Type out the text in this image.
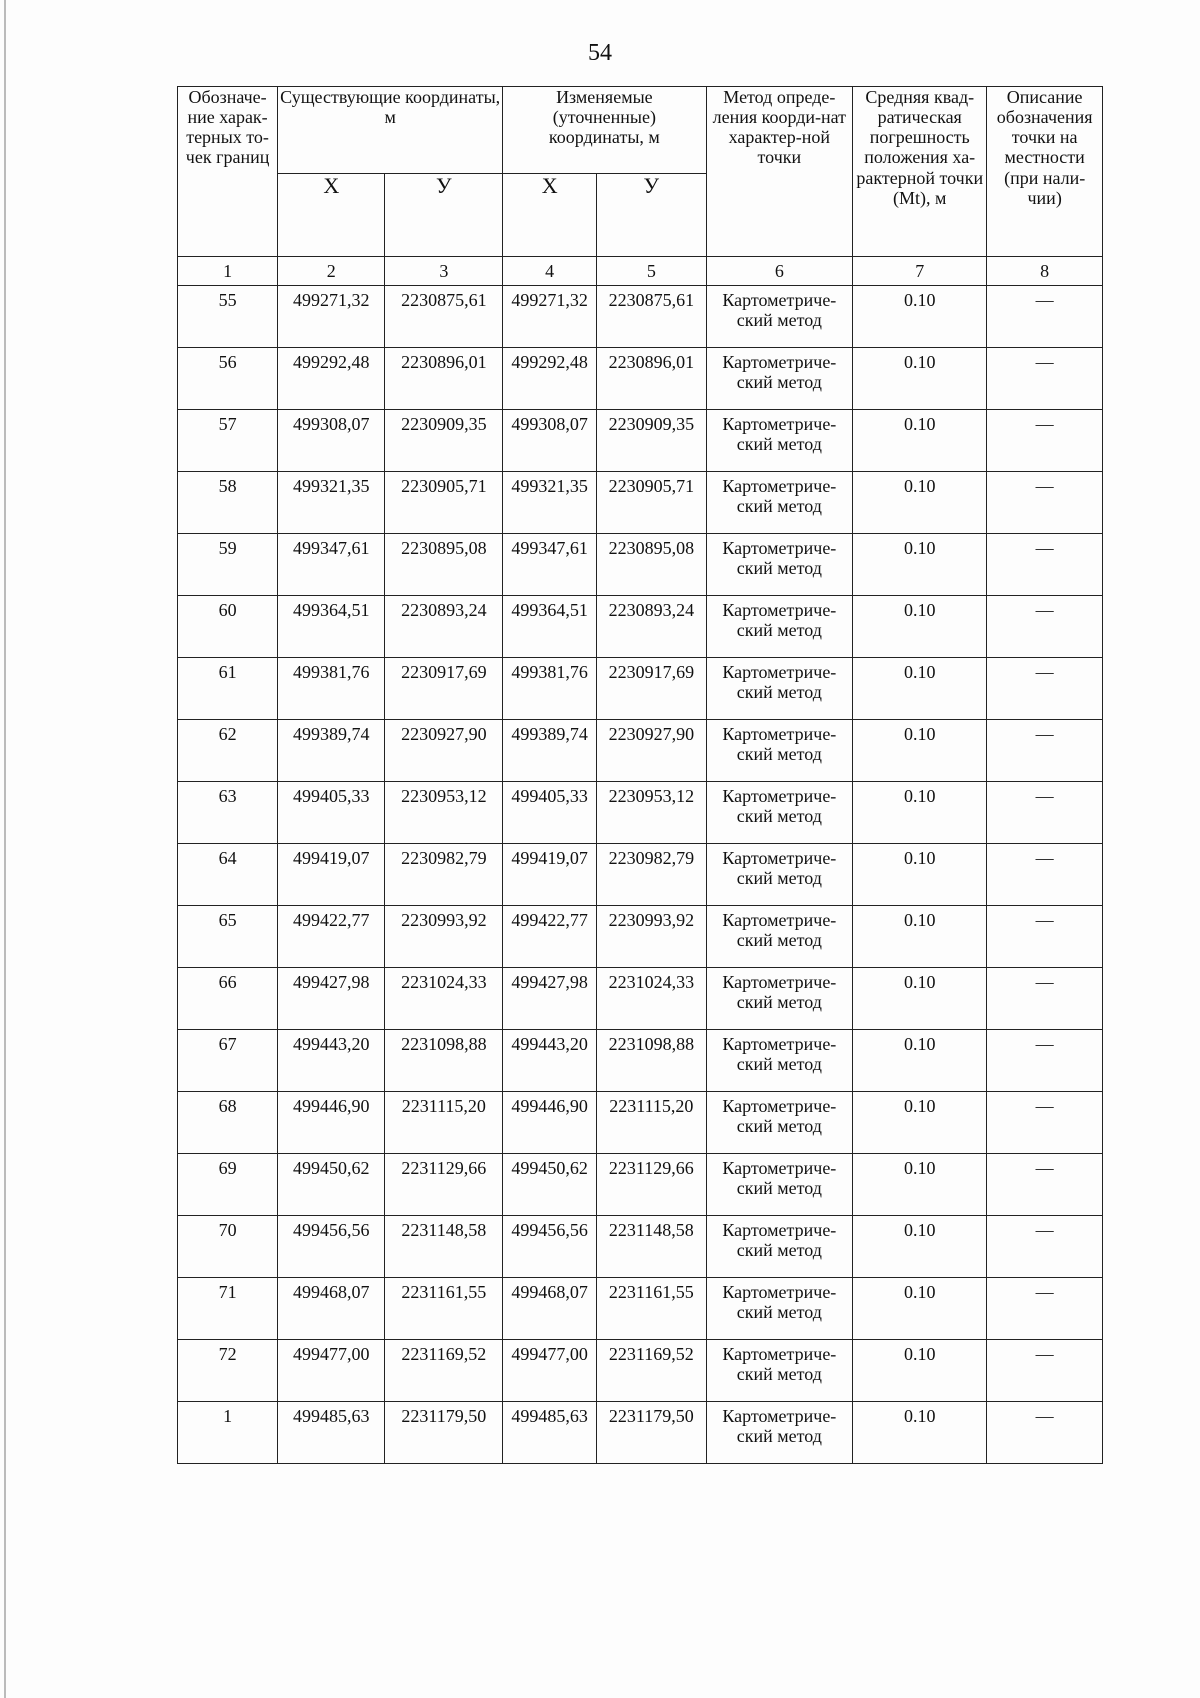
54
Обозначе-ние харак-терных то-чек границ	Существующие координаты, м		Изменяемые (уточненные) координаты, м		Метод опреде-ления коорди-нат характер-ной точки	Средняя квад-ратическая погрешность положения ха-рактерной точки (Mt), м	Описание обозначения точки на местности (при нали-чии)
	Х	У	Х	У			
1	2	3	4	5	6	7	8
55	499271,32	2230875,61	499271,32	2230875,61	Картометриче-ский метод	0.10	—
56	499292,48	2230896,01	499292,48	2230896,01	Картометриче-ский метод	0.10	—
57	499308,07	2230909,35	499308,07	2230909,35	Картометриче-ский метод	0.10	—
58	499321,35	2230905,71	499321,35	2230905,71	Картометриче-ский метод	0.10	—
59	499347,61	2230895,08	499347,61	2230895,08	Картометриче-ский метод	0.10	—
60	499364,51	2230893,24	499364,51	2230893,24	Картометриче-ский метод	0.10	—
61	499381,76	2230917,69	499381,76	2230917,69	Картометриче-ский метод	0.10	—
62	499389,74	2230927,90	499389,74	2230927,90	Картометриче-ский метод	0.10	—
63	499405,33	2230953,12	499405,33	2230953,12	Картометриче-ский метод	0.10	—
64	499419,07	2230982,79	499419,07	2230982,79	Картометриче-ский метод	0.10	—
65	499422,77	2230993,92	499422,77	2230993,92	Картометриче-ский метод	0.10	—
66	499427,98	2231024,33	499427,98	2231024,33	Картометриче-ский метод	0.10	—
67	499443,20	2231098,88	499443,20	2231098,88	Картометриче-ский метод	0.10	—
68	499446,90	2231115,20	499446,90	2231115,20	Картометриче-ский метод	0.10	—
69	499450,62	2231129,66	499450,62	2231129,66	Картометриче-ский метод	0.10	—
70	499456,56	2231148,58	499456,56	2231148,58	Картометриче-ский метод	0.10	—
71	499468,07	2231161,55	499468,07	2231161,55	Картометриче-ский метод	0.10	—
72	499477,00	2231169,52	499477,00	2231169,52	Картометриче-ский метод	0.10	—
1	499485,63	2231179,50	499485,63	2231179,50	Картометриче-ский метод	0.10	—
